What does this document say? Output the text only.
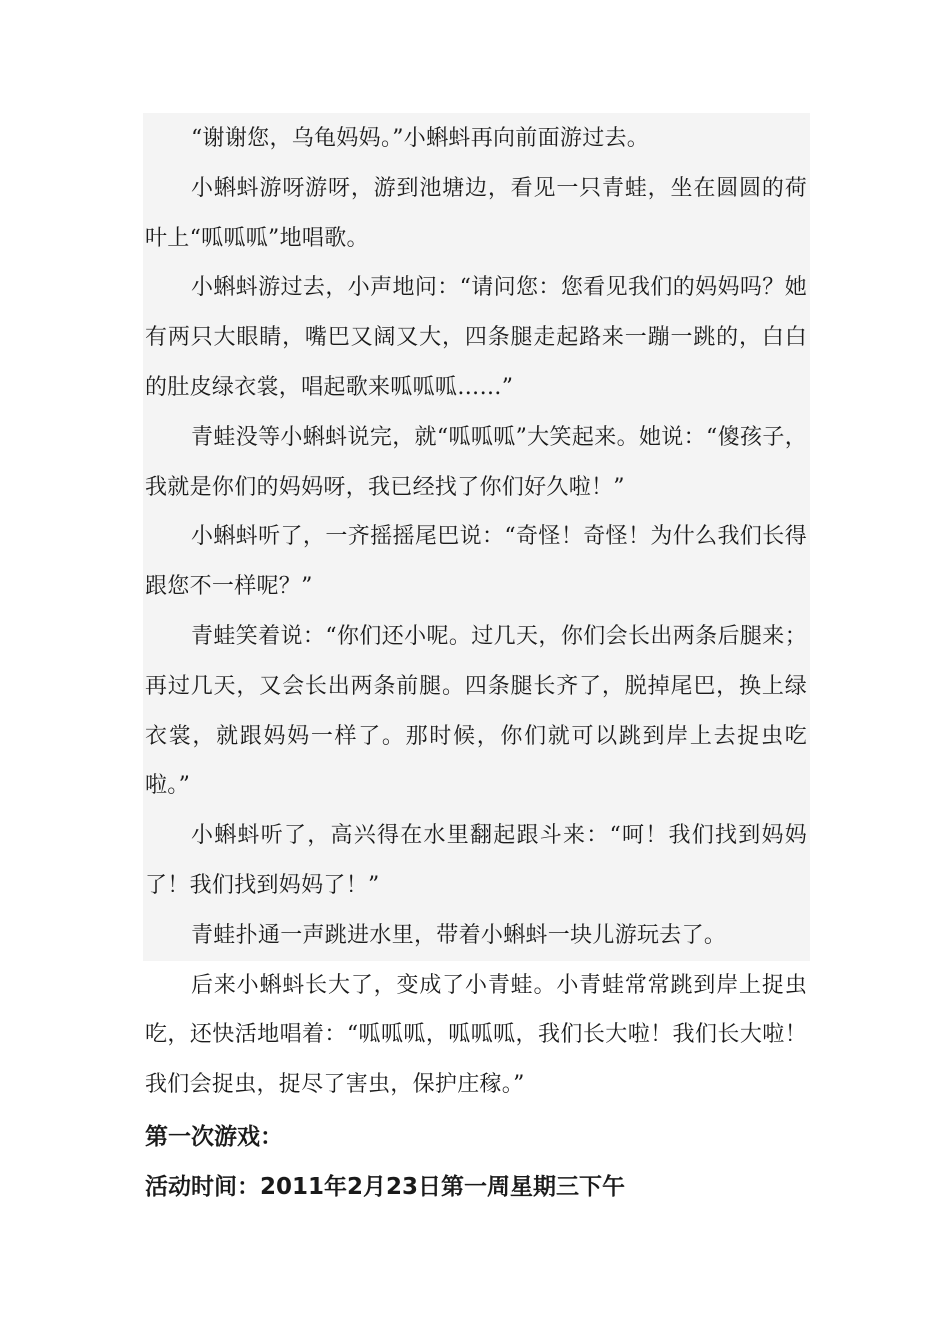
“谢谢您，乌龟妈妈。”小蝌蚪再向前面游过去。

小蝌蚪游呀游呀，游到池塘边，看见一只青蛙，坐在圆圆的荷叶上“呱呱呱”地唱歌。

小蝌蚪游过去，小声地问：“请问您：您看见我们的妈妈吗？她有两只大眼睛，嘴巴又阔又大，四条腿走起路来一蹦一跳的，白白的肚皮绿衣裳，唱起歌来呱呱呱……”

青蛙没等小蝌蚪说完，就“呱呱呱”大笑起来。她说：“傻孩子，我就是你们的妈妈呀，我已经找了你们好久啦！”

小蝌蚪听了，一齐摇摇尾巴说：“奇怪！奇怪！为什么我们长得跟您不一样呢？”

青蛙笑着说：“你们还小呢。过几天，你们会长出两条后腿来；再过几天，又会长出两条前腿。四条腿长齐了，脱掉尾巴，换上绿衣裳，就跟妈妈一样了。那时候，你们就可以跳到岸上去捉虫吃啦。”

小蝌蚪听了，高兴得在水里翻起跟斗来：“呵！我们找到妈妈了！我们找到妈妈了！”

青蛙扑通一声跳进水里，带着小蝌蚪一块儿游玩去了。

后来小蝌蚪长大了，变成了小青蛙。小青蛙常常跳到岸上捉虫吃，还快活地唱着：“呱呱呱，呱呱呱，我们长大啦！我们长大啦！我们会捉虫，捉尽了害虫，保护庄稼。”

第一次游戏：

活动时间：2011年2月23日第一周星期三下午
